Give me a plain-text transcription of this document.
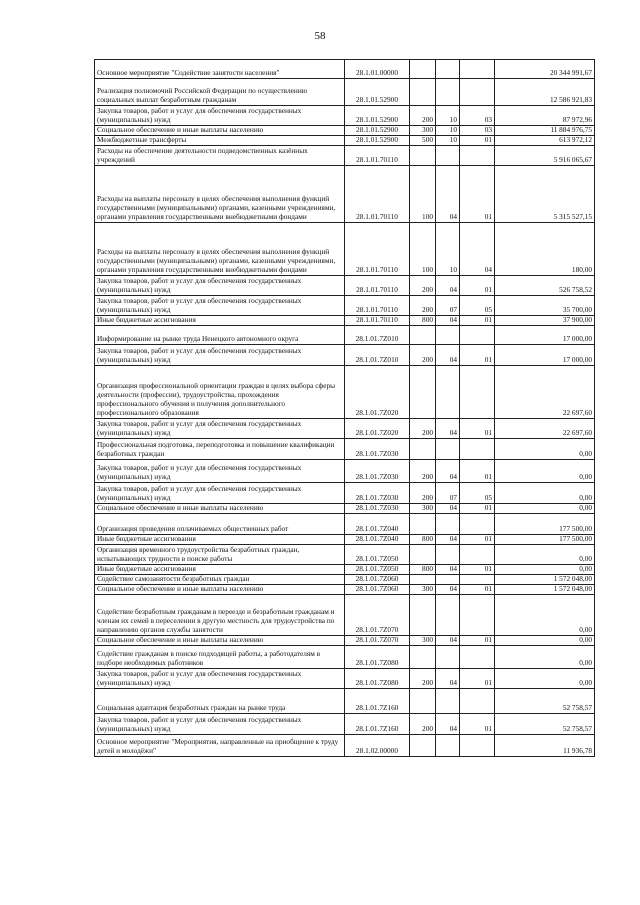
58
Основное мероприятие "Содействие занятости населения"	28.1.01.00000				20 344 991,67
Реализация полномочий Российской Федерации по осуществлению социальных выплат безработным гражданам	28.1.01.52900				12 586 921,83
Закупка товаров, работ и услуг для обеспечения государственных (муниципальных) нужд	28.1.01.52900	200	10	03	87 972,96
Социальное обеспечение и иные выплаты населению	28.1.01.52900	300	10	03	11 884 976,75
Межбюджетные трансферты	28.1.01.52900	500	10	01	613 972,12
Расходы на обеспечение деятельности подведомственных казённых учреждений	28.1.01.70110				5 916 065,67
Расходы на выплаты персоналу в целях обеспечения выполнения функций государственными (муниципальными) органами, казенными учреждениями, органами управления государственными внебюджетными фондами	28.1.01.70110	100	04	01	5 315 527,15
Расходы на выплаты персоналу в целях обеспечения выполнения функций государственными (муниципальными) органами, казенными учреждениями, органами управления государственными внебюджетными фондами	28.1.01.70110	100	10	04	180,00
Закупка товаров, работ и услуг для обеспечения государственных (муниципальных) нужд	28.1.01.70110	200	04	01	526 758,52
Закупка товаров, работ и услуг для обеспечения государственных (муниципальных) нужд	28.1.01.70110	200	07	05	35 700,00
Иные бюджетные ассигнования	28.1.01.70110	800	04	01	37 900,00
Информирование на рынке труда Ненецкого автономного округа	28.1.01.7Z010				17 000,00
Закупка товаров, работ и услуг для обеспечения государственных (муниципальных) нужд	28.1.01.7Z010	200	04	01	17 000,00
Организация профессиональной ориентации граждан в целях выбора сферы деятельности (профессии), трудоустройства, прохождения профессионального обучения и получения дополнительного профессионального образования	28.1.01.7Z020				22 697,60
Закупка товаров, работ и услуг для обеспечения государственных (муниципальных) нужд	28.1.01.7Z020	200	04	01	22 697,60
Профессиональная подготовка, переподготовка и повышение квалификации безработных граждан	28.1.01.7Z030				0,00
Закупка товаров, работ и услуг для обеспечения государственных (муниципальных) нужд	28.1.01.7Z030	200	04	01	0,00
Закупка товаров, работ и услуг для обеспечения государственных (муниципальных) нужд	28.1.01.7Z030	200	07	05	0,00
Социальное обеспечение и иные выплаты населению	28.1.01.7Z030	300	04	01	0,00
Организация проведения оплачиваемых общественных работ	28.1.01.7Z040				177 500,00
Иные бюджетные ассигнования	28.1.01.7Z040	800	04	01	177 500,00
Организация временного трудоустройства безработных граждан, испытывающих трудности в поиске работы	28.1.01.7Z050				0,00
Иные бюджетные ассигнования	28.1.01.7Z050	800	04	01	0,00
Содействие самозанятости безработных граждан	28.1.01.7Z060				1 572 048,00
Социальное обеспечение и иные выплаты населению	28.1.01.7Z060	300	04	01	1 572 048,00
Содействие безработным гражданам в переезде и безработным гражданам и членам их семей в переселении в другую местность для трудоустройства по направлению органов службы занятости	28.1.01.7Z070				0,00
Социальное обеспечение и иные выплаты населению	28.1.01.7Z070	300	04	01	0,00
Содействие гражданам в поиске подходящей работы, а работодателям в подборе необходимых работников	28.1.01.7Z080				0,00
Закупка товаров, работ и услуг для обеспечения государственных (муниципальных) нужд	28.1.01.7Z080	200	04	01	0,00
Социальная адаптация безработных граждан на рынке труда	28.1.01.7Z160				52 758,57
Закупка товаров, работ и услуг для обеспечения государственных (муниципальных) нужд	28.1.01.7Z160	200	04	01	52 758,57
Основное мероприятие "Мероприятия, направленные на приобщение к труду детей и молодёжи"	28.1.02.00000				11 936,78
